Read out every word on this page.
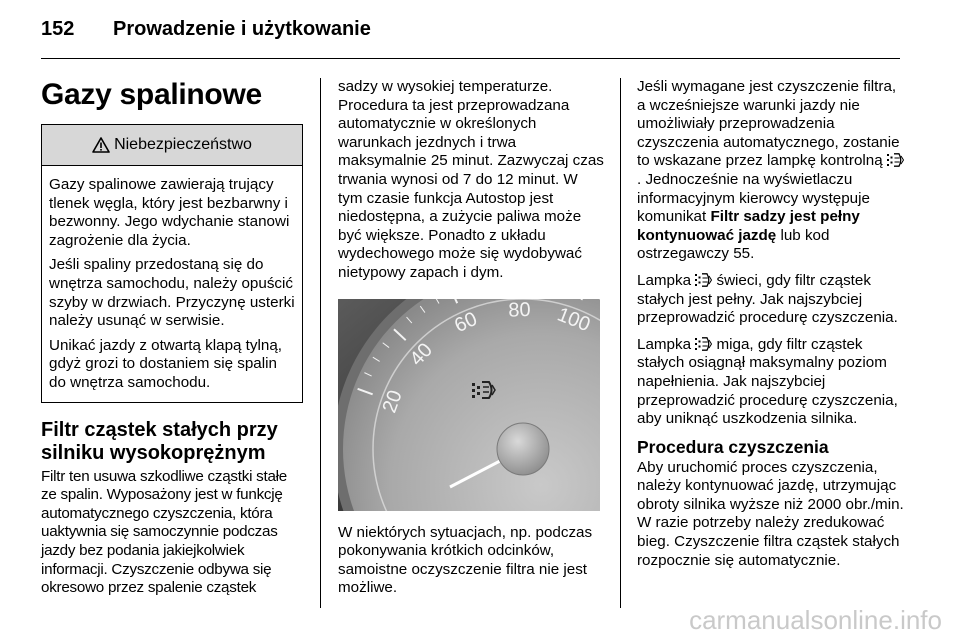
152 Prowadzenie i użytkowanie
Gazy spalinowe
Niebezpieczeństwo

Gazy spalinowe zawierają trujący tlenek węgla, który jest bezbarwny i bezwonny. Jego wdychanie stanowi zagrożenie dla życia.

Jeśli spaliny przedostaną się do wnętrza samochodu, należy opuścić szyby w drzwiach. Przyczynę usterki należy usunąć w serwisie.

Unikać jazdy z otwartą klapą tylną, gdyż grozi to dostaniem się spalin do wnętrza samochodu.

Filtr cząstek stałych przy silniku wysokoprężnym

Filtr ten usuwa szkodliwe cząstki stałe ze spalin. Wyposażony jest w funkcję automatycznego czyszczenia, która uaktywnia się samoczynnie podczas jazdy bez podania jakiejkolwiek informacji. Czyszczenie odbywa się okresowo przez spalenie cząstek

sadzy w wysokiej temperaturze. Procedura ta jest przeprowadzana automatycznie w określonych warunkach jezdnych i trwa maksymalnie 25 minut. Zazwyczaj czas trwania wynosi od 7 do 12 minut. W tym czasie funkcja Autostop jest niedostępna, a zużycie paliwa może być większe. Ponadto z układu wydechowego może się wydobywać nietypowy zapach i dym.

20
40
60 80 100

W niektórych sytuacjach, np. podczas pokonywania krótkich odcinków, samoistne oczyszczenie filtra nie jest możliwe.

Jeśli wymagane jest czyszczenie filtra, a wcześniejsze warunki jazdy nie umożliwiały przeprowadzenia czyszczenia automatycznego, zostanie to wskazane przez lampkę kontrolną . Jednocześnie na wyświetlaczu informacyjnym kierowcy występuje komunikat Filtr sadzy jest pełny kontynuować jazdę lub kod ostrzegawczy 55.

Lampka  świeci, gdy filtr cząstek stałych jest pełny. Jak najszybciej przeprowadzić procedurę czyszczenia.

Lampka  miga, gdy filtr cząstek stałych osiągnął maksymalny poziom napełnienia. Jak najszybciej przeprowadzić procedurę czyszczenia, aby uniknąć uszkodzenia silnika.

Procedura czyszczenia

Aby uruchomić proces czyszczenia, należy kontynuować jazdę, utrzymując obroty silnika wyższe niż 2000 obr./min. W razie potrzeby należy zredukować bieg. Czyszczenie filtra cząstek stałych rozpocznie się automatycznie.

carmanualsonline.info
